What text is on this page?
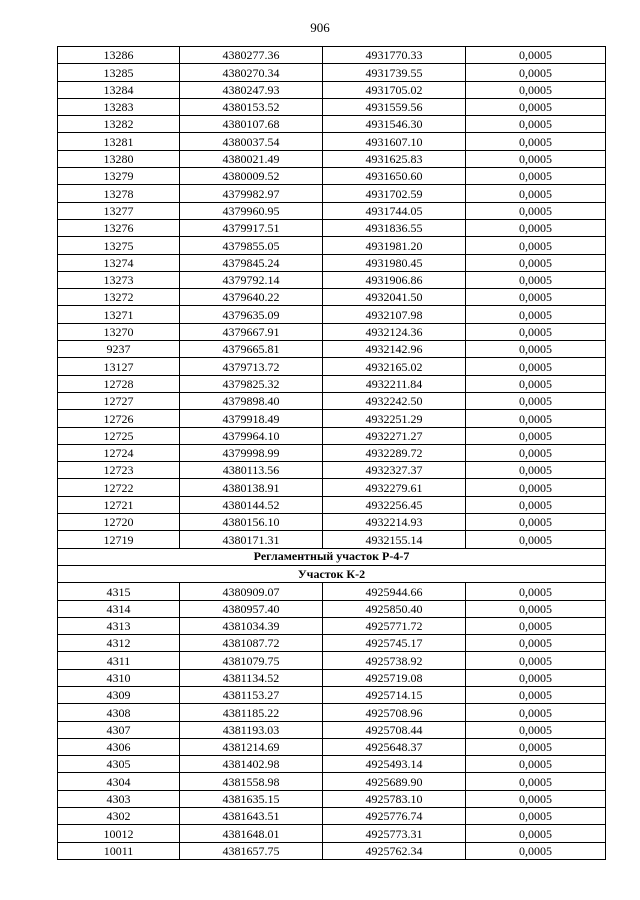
906
13286	4380277.36	4931770.33	0,0005
13285	4380270.34	4931739.55	0,0005
13284	4380247.93	4931705.02	0,0005
13283	4380153.52	4931559.56	0,0005
13282	4380107.68	4931546.30	0,0005
13281	4380037.54	4931607.10	0,0005
13280	4380021.49	4931625.83	0,0005
13279	4380009.52	4931650.60	0,0005
13278	4379982.97	4931702.59	0,0005
13277	4379960.95	4931744.05	0,0005
13276	4379917.51	4931836.55	0,0005
13275	4379855.05	4931981.20	0,0005
13274	4379845.24	4931980.45	0,0005
13273	4379792.14	4931906.86	0,0005
13272	4379640.22	4932041.50	0,0005
13271	4379635.09	4932107.98	0,0005
13270	4379667.91	4932124.36	0,0005
9237	4379665.81	4932142.96	0,0005
13127	4379713.72	4932165.02	0,0005
12728	4379825.32	4932211.84	0,0005
12727	4379898.40	4932242.50	0,0005
12726	4379918.49	4932251.29	0,0005
12725	4379964.10	4932271.27	0,0005
12724	4379998.99	4932289.72	0,0005
12723	4380113.56	4932327.37	0,0005
12722	4380138.91	4932279.61	0,0005
12721	4380144.52	4932256.45	0,0005
12720	4380156.10	4932214.93	0,0005
12719	4380171.31	4932155.14	0,0005
Регламентный участок Р-4-7			
Участок К-2			
4315	4380909.07	4925944.66	0,0005
4314	4380957.40	4925850.40	0,0005
4313	4381034.39	4925771.72	0,0005
4312	4381087.72	4925745.17	0,0005
4311	4381079.75	4925738.92	0,0005
4310	4381134.52	4925719.08	0,0005
4309	4381153.27	4925714.15	0,0005
4308	4381185.22	4925708.96	0,0005
4307	4381193.03	4925708.44	0,0005
4306	4381214.69	4925648.37	0,0005
4305	4381402.98	4925493.14	0,0005
4304	4381558.98	4925689.90	0,0005
4303	4381635.15	4925783.10	0,0005
4302	4381643.51	4925776.74	0,0005
10012	4381648.01	4925773.31	0,0005
10011	4381657.75	4925762.34	0,0005
